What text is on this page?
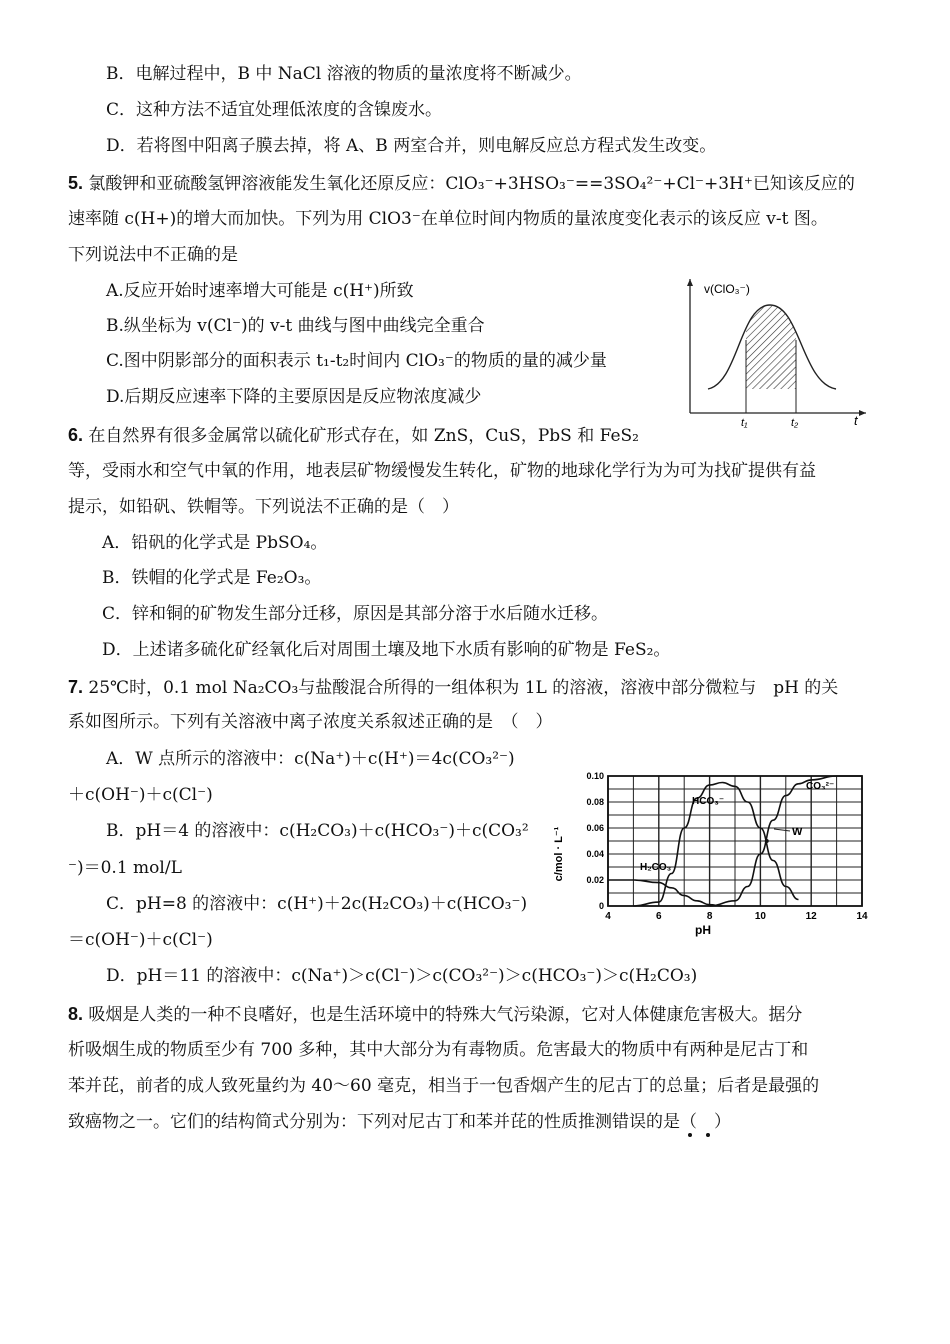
B．电解过程中，B 中 NaCl 溶液的物质的量浓度将不断减少。
C．这种方法不适宜处理低浓度的含镍废水。
D．若将图中阳离子膜去掉，将 A、B 两室合并，则电解反应总方程式发生改变。
5. 氯酸钾和亚硫酸氢钾溶液能发生氧化还原反应：ClO₃⁻+3HSO₃⁻==3SO₄²⁻+Cl⁻+3H⁺已知该反应的
速率随 c(H+)的增大而加快。下列为用 ClO3⁻在单位时间内物质的量浓度变化表示的该反应 v-t 图。
下列说法中不正确的是
A.反应开始时速率增大可能是 c(H⁺)所致
B.纵坐标为 v(Cl⁻)的 v-t 曲线与图中曲线完全重合
C.图中阴影部分的面积表示 t₁-t₂时间内 ClO₃⁻的物质的量的减少量
D.后期反应速率下降的主要原因是反应物浓度减少
v(ClO₃⁻)
t
t₁	t₂
6. 在自然界有很多金属常以硫化矿形式存在，如 ZnS，CuS，PbS 和 FeS₂
等，受雨水和空气中氧的作用，地表层矿物缓慢发生转化，矿物的地球化学行为为可为找矿提供有益
提示，如铅矾、铁帽等。下列说法不正确的是（　）
A．铅矾的化学式是 PbSO₄。
B．铁帽的化学式是 Fe₂O₃。
C．锌和铜的矿物发生部分迁移，原因是其部分溶于水后随水迁移。
D．上述诸多硫化矿经氧化后对周围土壤及地下水质有影响的矿物是 FeS₂。
7. 25℃时，0.1 mol Na₂CO₃与盐酸混合所得的一组体积为 1L 的溶液，溶液中部分微粒与　pH 的关
系如图所示。下列有关溶液中离子浓度关系叙述正确的是　（　）
A．W 点所示的溶液中：c(Na⁺)＋c(H⁺)＝4c(CO₃²⁻)
＋c(OH⁻)＋c(Cl⁻)
B．pH＝4 的溶液中：c(H₂CO₃)＋c(HCO₃⁻)＋c(CO₃²
⁻)＝0.1 mol/L
C．pH=8 的溶液中：c(H⁺)＋2c(H₂CO₃)＋c(HCO₃⁻)
＝c(OH⁻)＋c(Cl⁻)
D．pH＝11 的溶液中：c(Na⁺)＞c(Cl⁻)＞c(CO₃²⁻)＞c(HCO₃⁻)＞c(H₂CO₃)
4	6	8	10	12	14
0
0.02
0.04
0.06
0.08
0.10
c/mol · L⁻¹
pH
H₂CO₃
HCO₃⁻
CO₃²⁻
W
8. 吸烟是人类的一种不良嗜好，也是生活环境中的特殊大气污染源，它对人体健康危害极大。据分
析吸烟生成的物质至少有 700 多种，其中大部分为有毒物质。危害最大的物质中有两种是尼古丁和
苯并芘，前者的成人致死量约为 40～60 毫克，相当于一包香烟产生的尼古丁的总量；后者是最强的
致癌物之一。它们的结构简式分别为：下列对尼古丁和苯并芘的性质推测错误的是（　）
